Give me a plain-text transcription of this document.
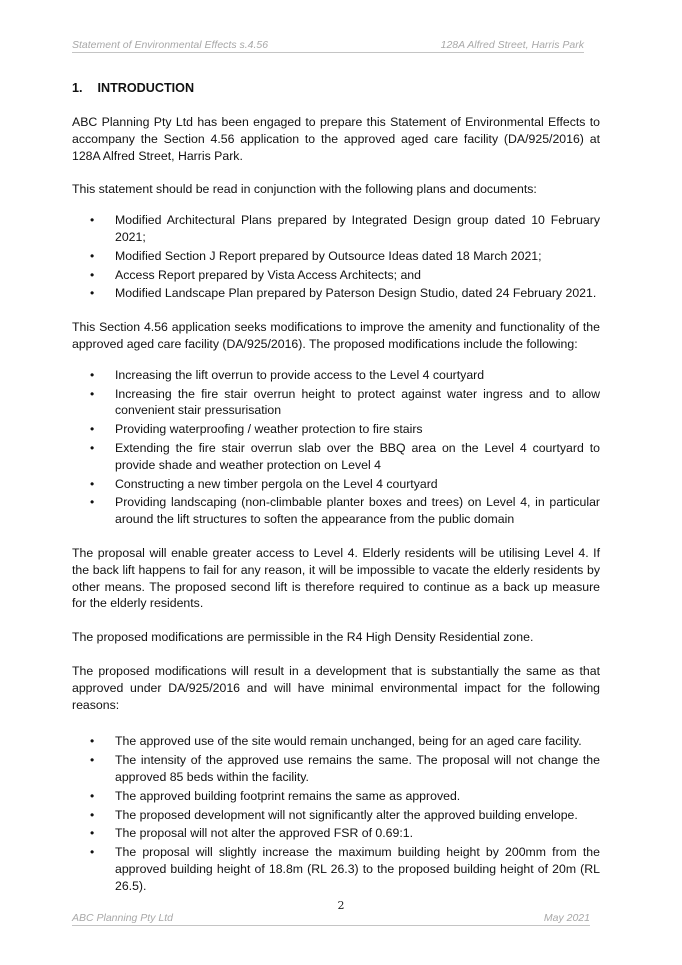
Statement of Environmental Effects s.4.56	128A Alfred Street, Harris Park
1. INTRODUCTION

ABC Planning Pty Ltd has been engaged to prepare this Statement of Environmental Effects to accompany the Section 4.56 application to the approved aged care facility (DA/925/2016) at 128A Alfred Street, Harris Park.

This statement should be read in conjunction with the following plans and documents:

• Modified Architectural Plans prepared by Integrated Design group dated 10 February 2021;
• Modified Section J Report prepared by Outsource Ideas dated 18 March 2021;
• Access Report prepared by Vista Access Architects; and
• Modified Landscape Plan prepared by Paterson Design Studio, dated 24 February 2021.

This Section 4.56 application seeks modifications to improve the amenity and functionality of the approved aged care facility (DA/925/2016). The proposed modifications include the following:

• Increasing the lift overrun to provide access to the Level 4 courtyard
• Increasing the fire stair overrun height to protect against water ingress and to allow convenient stair pressurisation
• Providing waterproofing / weather protection to fire stairs
• Extending the fire stair overrun slab over the BBQ area on the Level 4 courtyard to provide shade and weather protection on Level 4
• Constructing a new timber pergola on the Level 4 courtyard
• Providing landscaping (non-climbable planter boxes and trees) on Level 4, in particular around the lift structures to soften the appearance from the public domain

The proposal will enable greater access to Level 4. Elderly residents will be utilising Level 4. If the back lift happens to fail for any reason, it will be impossible to vacate the elderly residents by other means. The proposed second lift is therefore required to continue as a back up measure for the elderly residents.

The proposed modifications are permissible in the R4 High Density Residential zone.

The proposed modifications will result in a development that is substantially the same as that approved under DA/925/2016 and will have minimal environmental impact for the following reasons:

• The approved use of the site would remain unchanged, being for an aged care facility.
• The intensity of the approved use remains the same. The proposal will not change the approved 85 beds within the facility.
• The approved building footprint remains the same as approved.
• The proposed development will not significantly alter the approved building envelope.
• The proposal will not alter the approved FSR of 0.69:1.
• The proposal will slightly increase the maximum building height by 200mm from the approved building height of 18.8m (RL 26.3) to the proposed building height of 20m (RL 26.5).
2
ABC Planning Pty Ltd	May 2021
